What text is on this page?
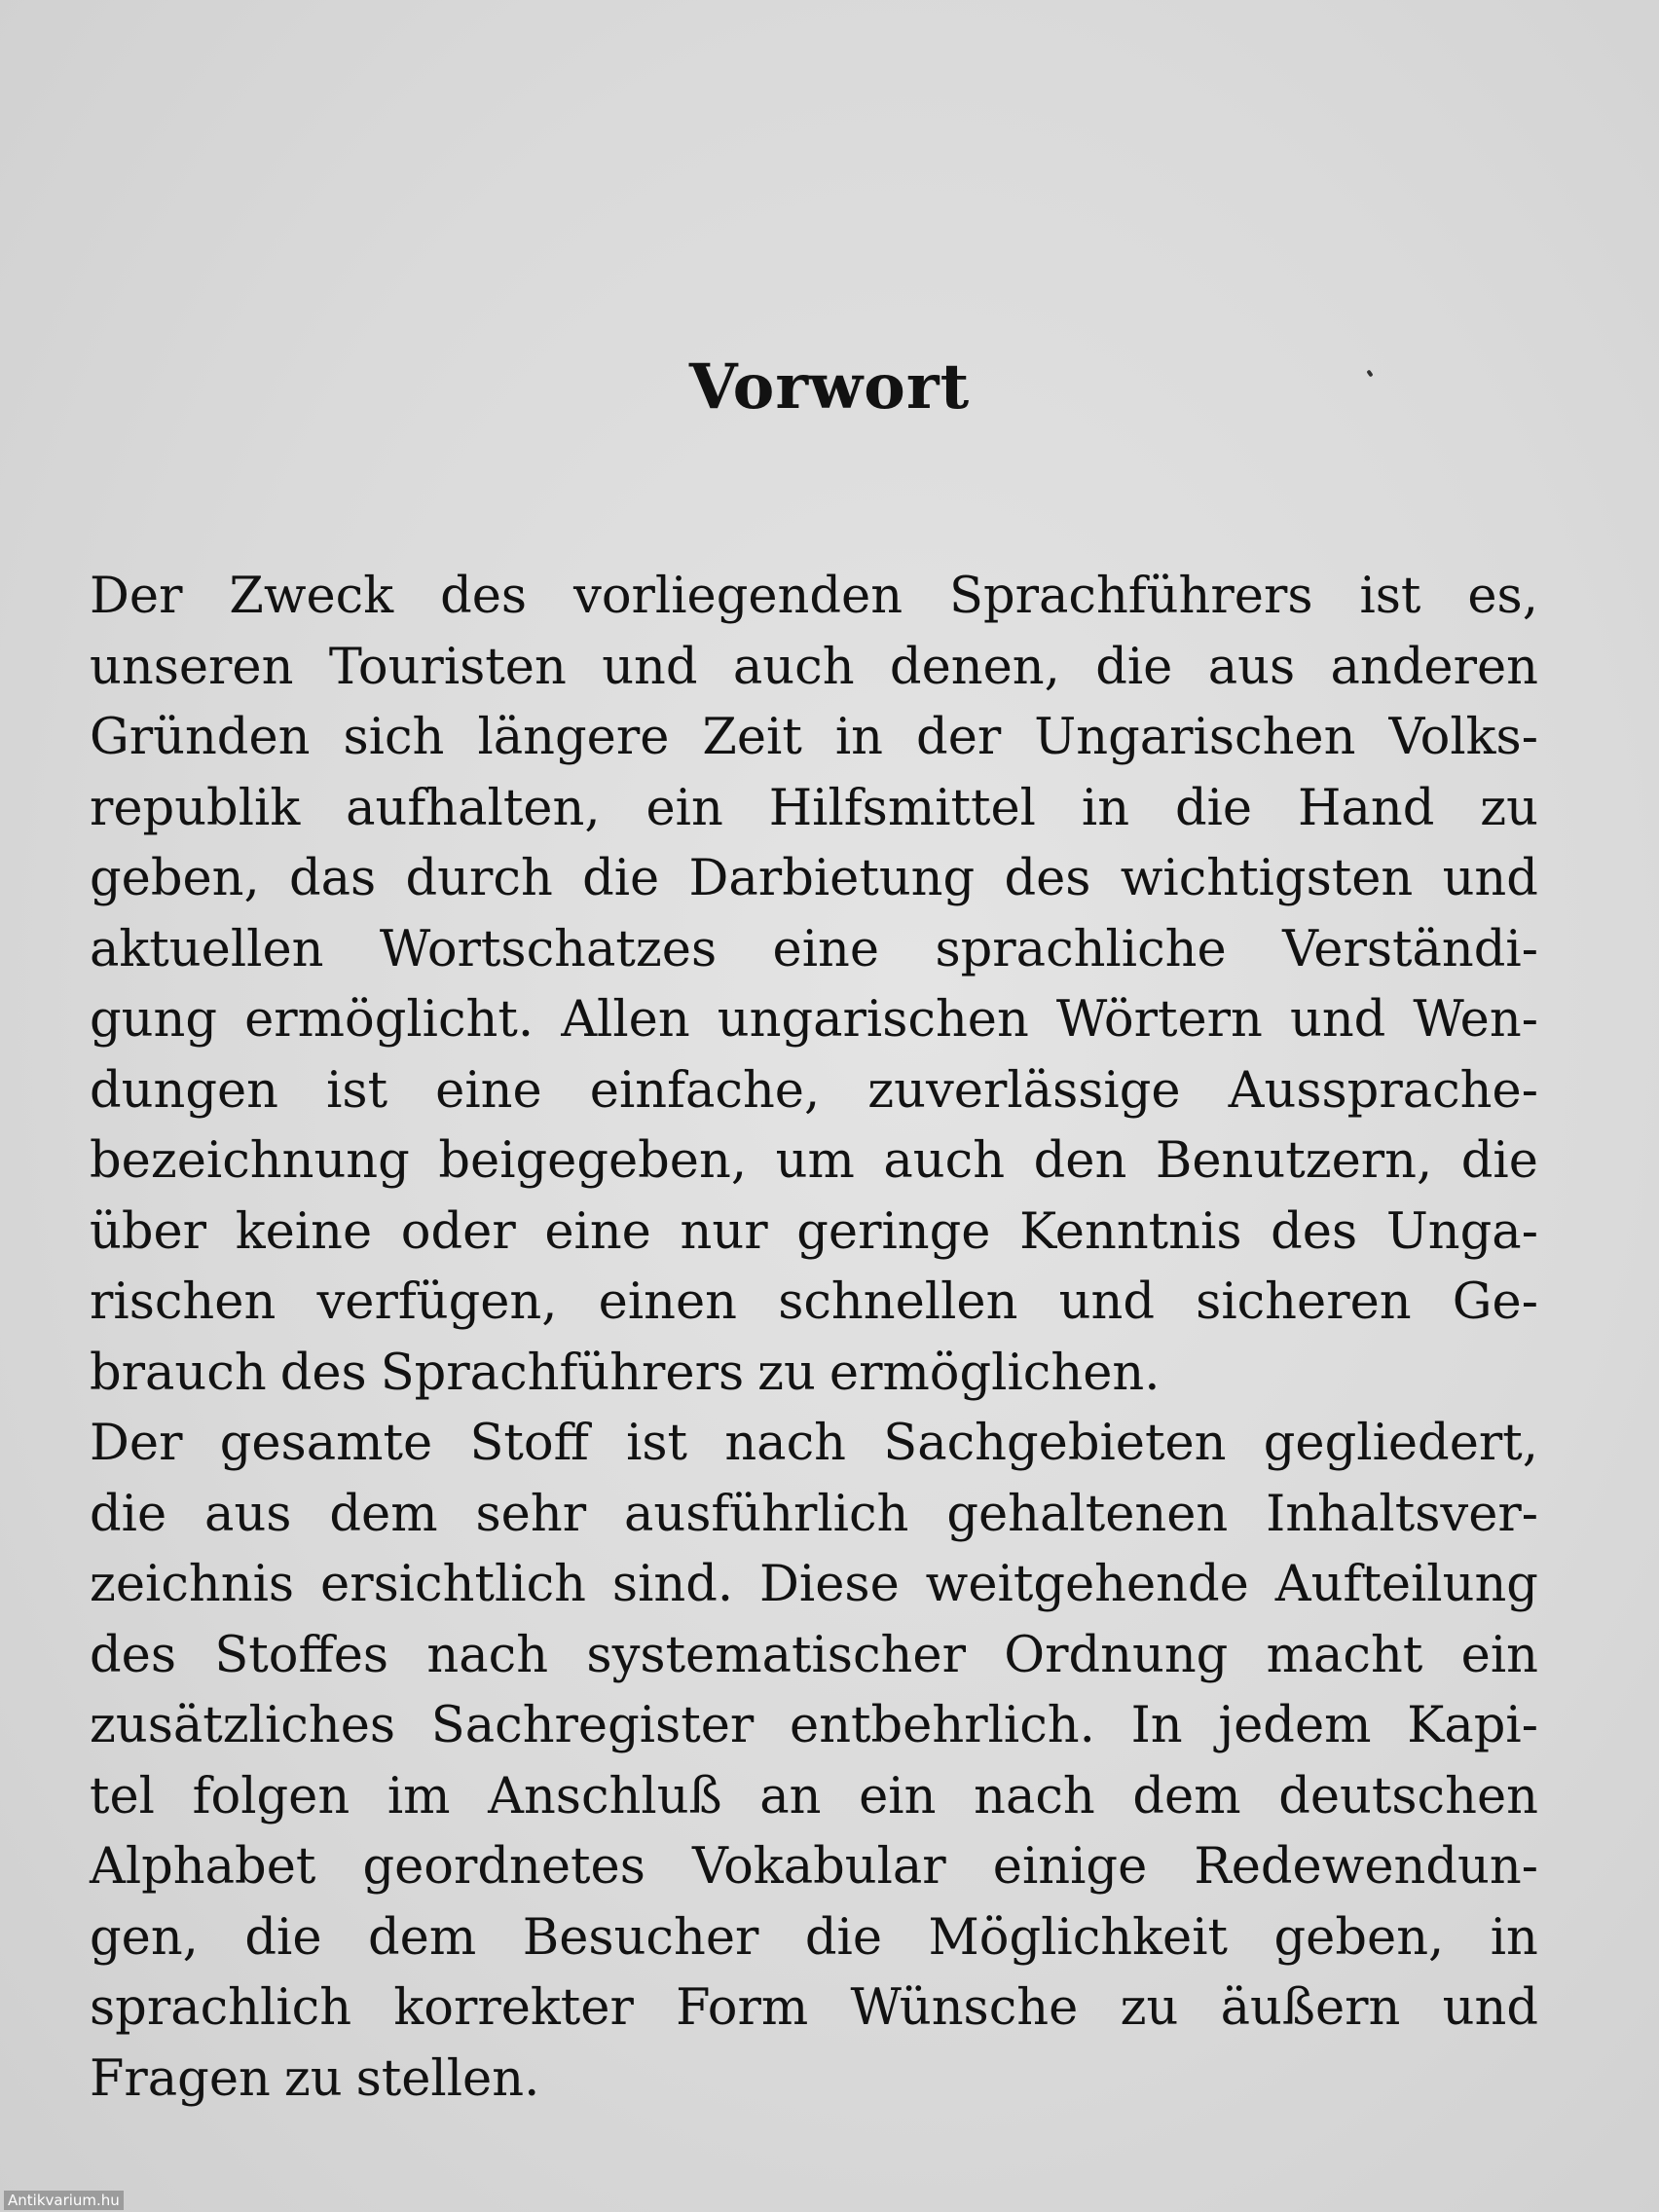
Vorwort
Der Zweck des vorliegenden Sprachführers ist es,
unseren Touristen und auch denen, die aus anderen
Gründen sich längere Zeit in der Ungarischen Volks-
republik aufhalten, ein Hilfsmittel in die Hand zu
geben, das durch die Darbietung des wichtigsten und
aktuellen Wortschatzes eine sprachliche Verständi-
gung ermöglicht. Allen ungarischen Wörtern und Wen-
dungen ist eine einfache, zuverlässige Aussprache-
bezeichnung beigegeben, um auch den Benutzern, die
über keine oder eine nur geringe Kenntnis des Unga-
rischen verfügen, einen schnellen und sicheren Ge-
brauch des Sprachführers zu ermöglichen.
Der gesamte Stoff ist nach Sachgebieten gegliedert,
die aus dem sehr ausführlich gehaltenen Inhaltsver-
zeichnis ersichtlich sind. Diese weitgehende Aufteilung
des Stoffes nach systematischer Ordnung macht ein
zusätzliches Sachregister entbehrlich. In jedem Kapi-
tel folgen im Anschluß an ein nach dem deutschen
Alphabet geordnetes Vokabular einige Redewendun-
gen, die dem Besucher die Möglichkeit geben, in
sprachlich korrekter Form Wünsche zu äußern und
Fragen zu stellen.
Antikvarium.hu
